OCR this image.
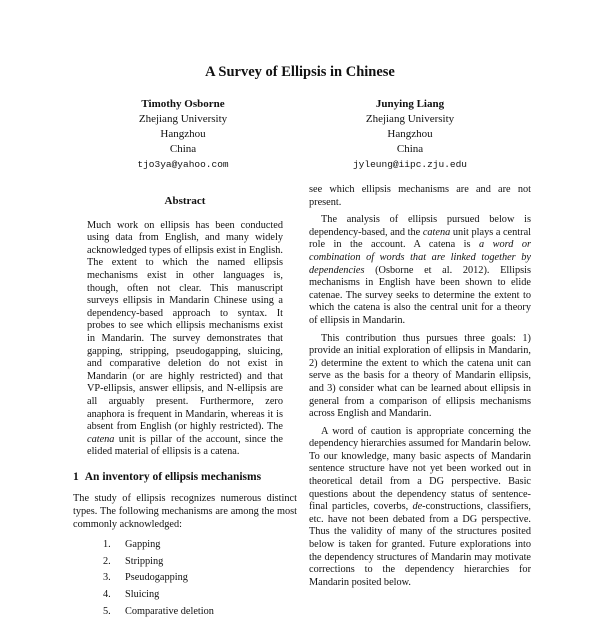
A Survey of Ellipsis in Chinese
Timothy Osborne
Zhejiang University
Hangzhou
China
tjo3ya@yahoo.com
Junying Liang
Zhejiang University
Hangzhou
China
jyleung@iipc.zju.edu
Abstract

Much work on ellipsis has been conducted using data from English, and many widely acknowledged types of ellipsis exist in English. The extent to which the named ellipsis mechanisms exist in other languages is, though, often not clear. This manuscript surveys ellipsis in Mandarin Chinese using a dependency-based approach to syntax. It probes to see which ellipsis mechanisms exist in Mandarin. The survey demonstrates that gapping, stripping, pseudogapping, sluicing, and comparative deletion do not exist in Mandarin (or are highly restricted) and that VP-ellipsis, answer ellipsis, and N-ellipsis are all arguably present. Furthermore, zero anaphora is frequent in Mandarin, whereas it is absent from English (or highly restricted). The catena unit is pillar of the account, since the elided material of ellipsis is a catena.

1 An inventory of ellipsis mechanisms

The study of ellipsis recognizes numerous distinct types. The following mechanisms are among the most commonly acknowledged:

1. Gapping
2. Stripping
3. Pseudogapping
4. Sluicing
5. Comparative deletion

see which ellipsis mechanisms are and are not present.

The analysis of ellipsis pursued below is dependency-based, and the catena unit plays a central role in the account. A catena is a word or combination of words that are linked together by dependencies (Osborne et al. 2012). Ellipsis mechanisms in English have been shown to elide catenae. The survey seeks to determine the extent to which the catena is also the central unit for a theory of ellipsis in Mandarin.

This contribution thus pursues three goals: 1) provide an initial exploration of ellipsis in Mandarin, 2) determine the extent to which the catena unit can serve as the basis for a theory of Mandarin ellipsis, and 3) consider what can be learned about ellipsis in general from a comparison of ellipsis mechanisms across English and Mandarin.

A word of caution is appropriate concerning the dependency hierarchies assumed for Mandarin below. To our knowledge, many basic aspects of Mandarin sentence structure have not yet been worked out in theoretical detail from a DG perspective. Basic questions about the dependency status of sentence-final particles, coverbs, de-constructions, classifiers, etc. have not been debated from a DG perspective. Thus the validity of many of the structures posited below is taken for granted. Future explorations into the dependency structures of Mandarin may motivate corrections to the dependency hierarchies for Mandarin posited below.
